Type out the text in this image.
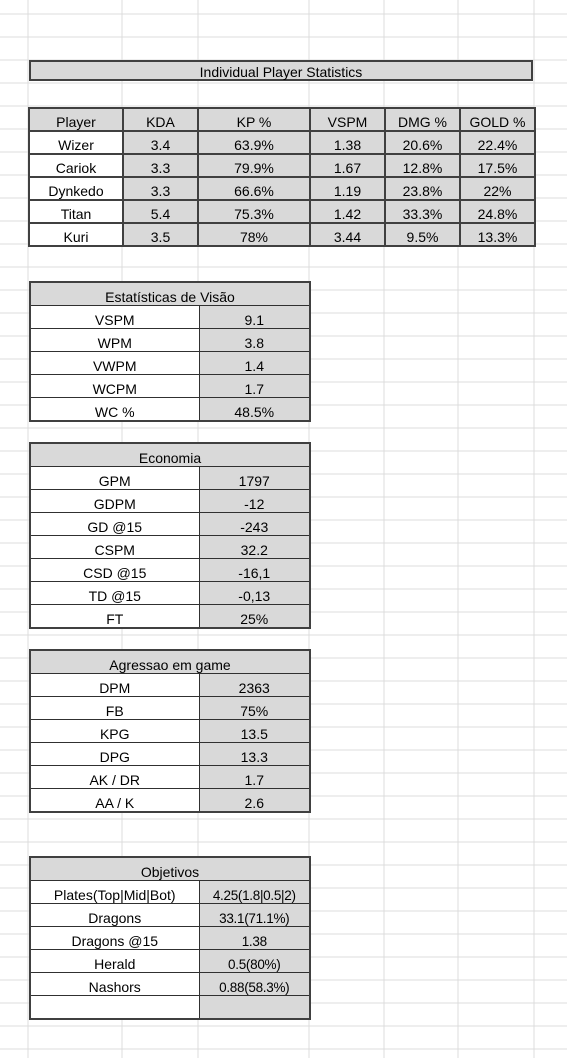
Individual Player Statistics
Player	KDA	KP %	VSPM	DMG %	GOLD %
Wizer	3.4	63.9%	1.38	20.6%	22.4%
Cariok	3.3	79.9%	1.67	12.8%	17.5%
Dynkedo	3.3	66.6%	1.19	23.8%	22%
Titan	5.4	75.3%	1.42	33.3%	24.8%
Kuri	3.5	78%	3.44	9.5%	13.3%
Estatísticas de Visão	
VSPM	9.1
WPM	3.8
VWPM	1.4
WCPM	1.7
WC %	48.5%
Economia	
GPM	1797
GDPM	-12
GD @15	-243
CSPM	32.2
CSD @15	-16,1
TD @15	-0,13
FT	25%
Agressao em game	
DPM	2363
FB	75%
KPG	13.5
DPG	13.3
AK / DR	1.7
AA / K	2.6
Objetivos	
Plates(Top|Mid|Bot)	4.25(1.8|0.5|2)
Dragons	33.1(71.1%)
Dragons @15	1.38
Herald	0.5(80%)
Nashors	0.88(58.3%)
